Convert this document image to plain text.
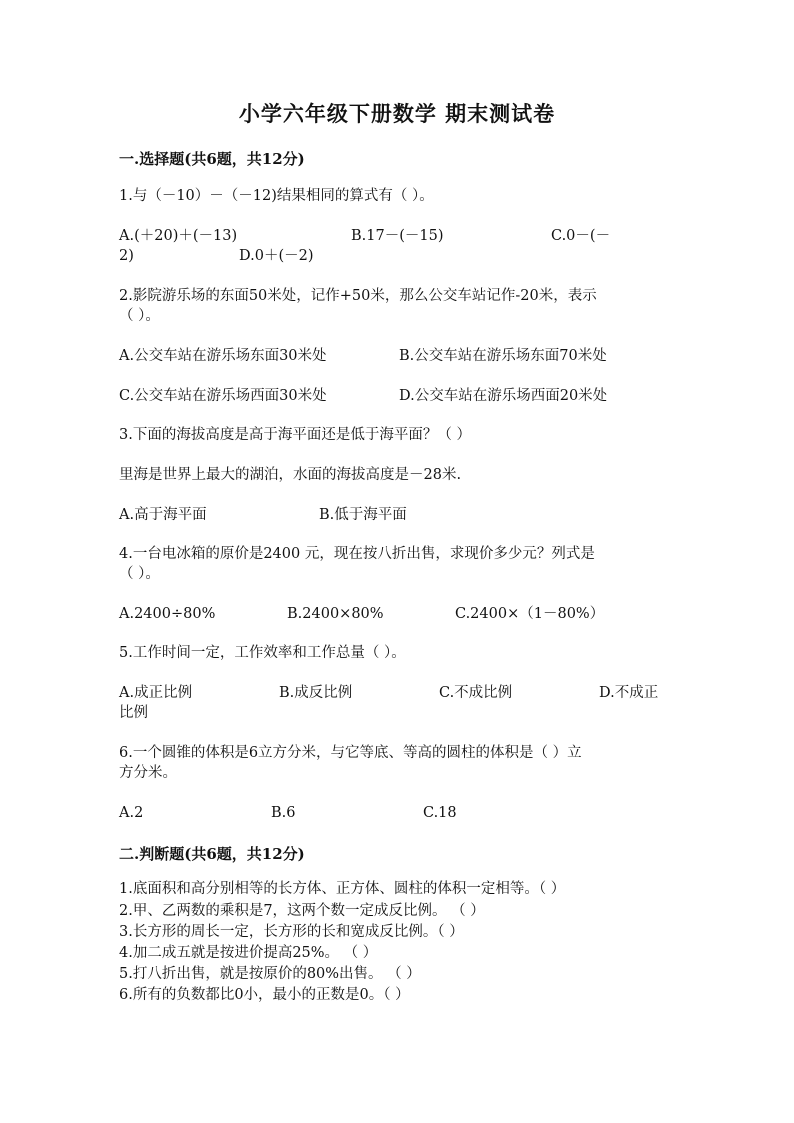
小学六年级下册数学 期末测试卷
一.选择题(共6题，共12分)
1.与（－10）－（－12)结果相同的算式有（ ）。
A.(＋20)＋(－13)	B.17－(－15)	C.0－(－
2)	D.0＋(－2)
2.影院游乐场的东面50米处，记作+50米，那么公交车站记作-20米，表示
（ ）。
A.公交车站在游乐场东面30米处	B.公交车站在游乐场东面70米处
C.公交车站在游乐场西面30米处	D.公交车站在游乐场西面20米处
3.下面的海拔高度是高于海平面还是低于海平面？（ ）
里海是世界上最大的湖泊，水面的海拔高度是－28米.
A.高于海平面	B.低于海平面
4.一台电冰箱的原价是2400 元，现在按八折出售，求现价多少元？列式是
（ ）。
A.2400÷80%	B.2400×80%	C.2400×（1－80%）
5.工作时间一定，工作效率和工作总量（ ）。
A.成正比例	B.成反比例	C.不成比例	D.不成正
比例
6.一个圆锥的体积是6立方分米，与它等底、等高的圆柱的体积是（ ）立
方分米。
A.2	B.6	C.18
二.判断题(共6题，共12分)
1.底面积和高分别相等的长方体、正方体、圆柱的体积一定相等。（ ）
2.甲、乙两数的乘积是7，这两个数一定成反比例。 （ ）
3.长方形的周长一定，长方形的长和宽成反比例。（ ）
4.加二成五就是按进价提高25%。 （ ）
5.打八折出售，就是按原价的80%出售。 （ ）
6.所有的负数都比0小，最小的正数是0。（ ）
